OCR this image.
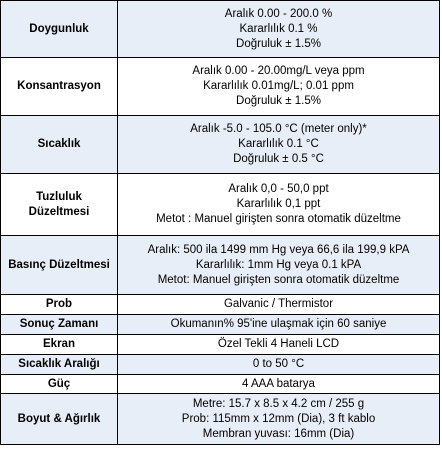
Doygunluk	Aralık 0.00 - 200.0 %
Kararlılık 0.1 %
Doğruluk ± 1.5%

Konsantrasyon	Aralık 0.00 - 20.00mg/L veya ppm
Kararlılık 0.01mg/L; 0.01 ppm
Doğruluk ± 1.5%

Sıcaklık	Aralık -5.0 - 105.0 °C (meter only)*
Kararlılık 0.1 °C
Doğruluk ± 0.5 °C

Tuzluluk
Düzeltmesi	Aralık 0,0 - 50,0 ppt
Kararlılık 0,1 ppt
Metot : Manuel girişten sonra otomatik düzeltme

Basınç Düzeltmesi	Aralık: 500 ila 1499 mm Hg veya 66,6 ila 199,9 kPA
Kararlılık: 1mm Hg veya 0.1 kPA
Metot: Manuel girişten sonra otomatik düzeltme

Prob	Galvanic / Thermistor

Sonuç Zamanı	Okumanın% 95'ine ulaşmak için 60 saniye

Ekran	Özel Tekli 4 Haneli LCD

Sıcaklık Aralığı	0 to 50 °C

Güç	4 AAA batarya

Boyut & Ağırlık	Metre: 15.7 x 8.5 x 4.2 cm / 255 g
Prob: 115mm x 12mm (Dia), 3 ft kablo
Membran yuvası: 16mm (Dia)
